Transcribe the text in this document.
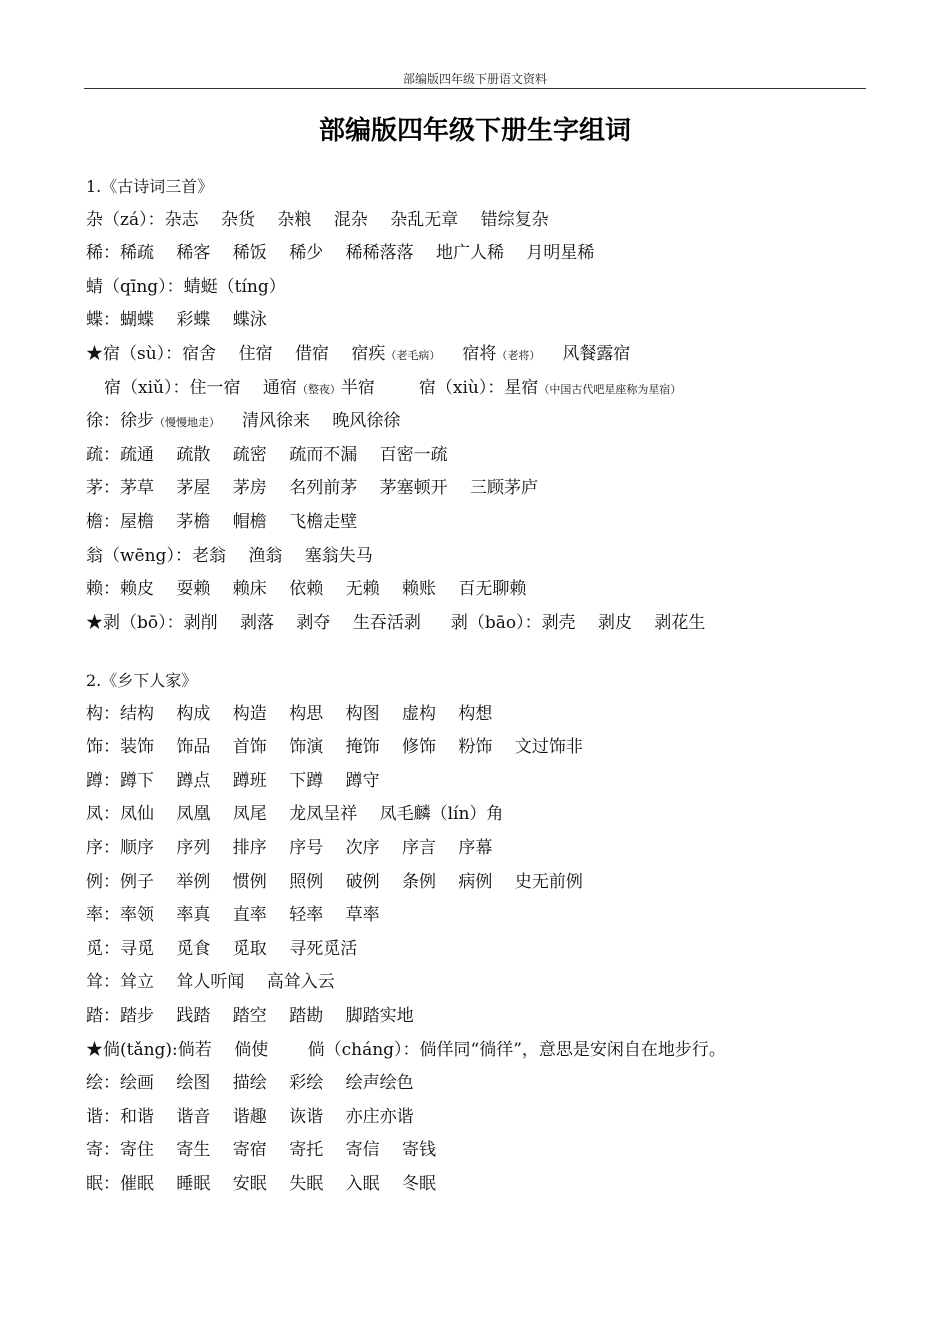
部编版四年级下册语文资料
部编版四年级下册生字组词
1.《古诗词三首》
杂（zá）：杂志　 杂货　 杂粮　 混杂　 杂乱无章　 错综复杂
稀：稀疏　 稀客　 稀饭　 稀少　 稀稀落落　 地广人稀　 月明星稀
蜻（qīng）：蜻蜓（tíng）
蝶：蝴蝶　 彩蝶　 蝶泳
★宿（sù）：宿舍　 住宿　 借宿　 宿疾（老毛病） 宿将（老将） 风餐露宿
宿（xiǔ）：住一宿　 通宿（整夜）半宿	宿（xiù）：星宿（中国古代吧星座称为星宿）
徐：徐步（慢慢地走） 清风徐来　 晚风徐徐
疏：疏通　 疏散　 疏密　 疏而不漏　 百密一疏
茅：茅草　 茅屋　 茅房　 名列前茅　 茅塞顿开　 三顾茅庐
檐：屋檐　 茅檐　 帽檐　 飞檐走壁
翁（wēng）：老翁　 渔翁　 塞翁失马
赖：赖皮　 耍赖　 赖床　 依赖　 无赖　 赖账　 百无聊赖
★剥（bō）：剥削　 剥落　 剥夺　 生吞活剥 剥（bāo）：剥壳　 剥皮　 剥花生
2.《乡下人家》
构：结构　 构成　 构造　 构思　 构图　 虚构　 构想
饰：装饰　 饰品　 首饰　 饰演　 掩饰　 修饰　 粉饰　 文过饰非
蹲：蹲下　 蹲点　 蹲班　 下蹲　 蹲守
凤：凤仙　 凤凰　 凤尾　 龙凤呈祥　 凤毛麟（lín）角
序：顺序　 序列　 排序　 序号　 次序　 序言　 序幕
例：例子　 举例　 惯例　 照例　 破例　 条例　 病例　 史无前例
率：率领　 率真　 直率　 轻率　 草率
觅：寻觅　 觅食　 觅取　 寻死觅活
耸：耸立　 耸人听闻　 高耸入云
踏：踏步　 践踏　 踏空　 踏勘　 脚踏实地
★倘(tǎng):倘若　 倘使　　 倘（cháng）：倘佯同“徜徉”，意思是安闲自在地步行。
绘：绘画　 绘图　 描绘　 彩绘　 绘声绘色
谐：和谐　 谐音　 谐趣　 诙谐　 亦庄亦谐
寄：寄住　 寄生　 寄宿　 寄托　 寄信　 寄钱
眠：催眠　 睡眠　 安眠　 失眠　 入眠　 冬眠
